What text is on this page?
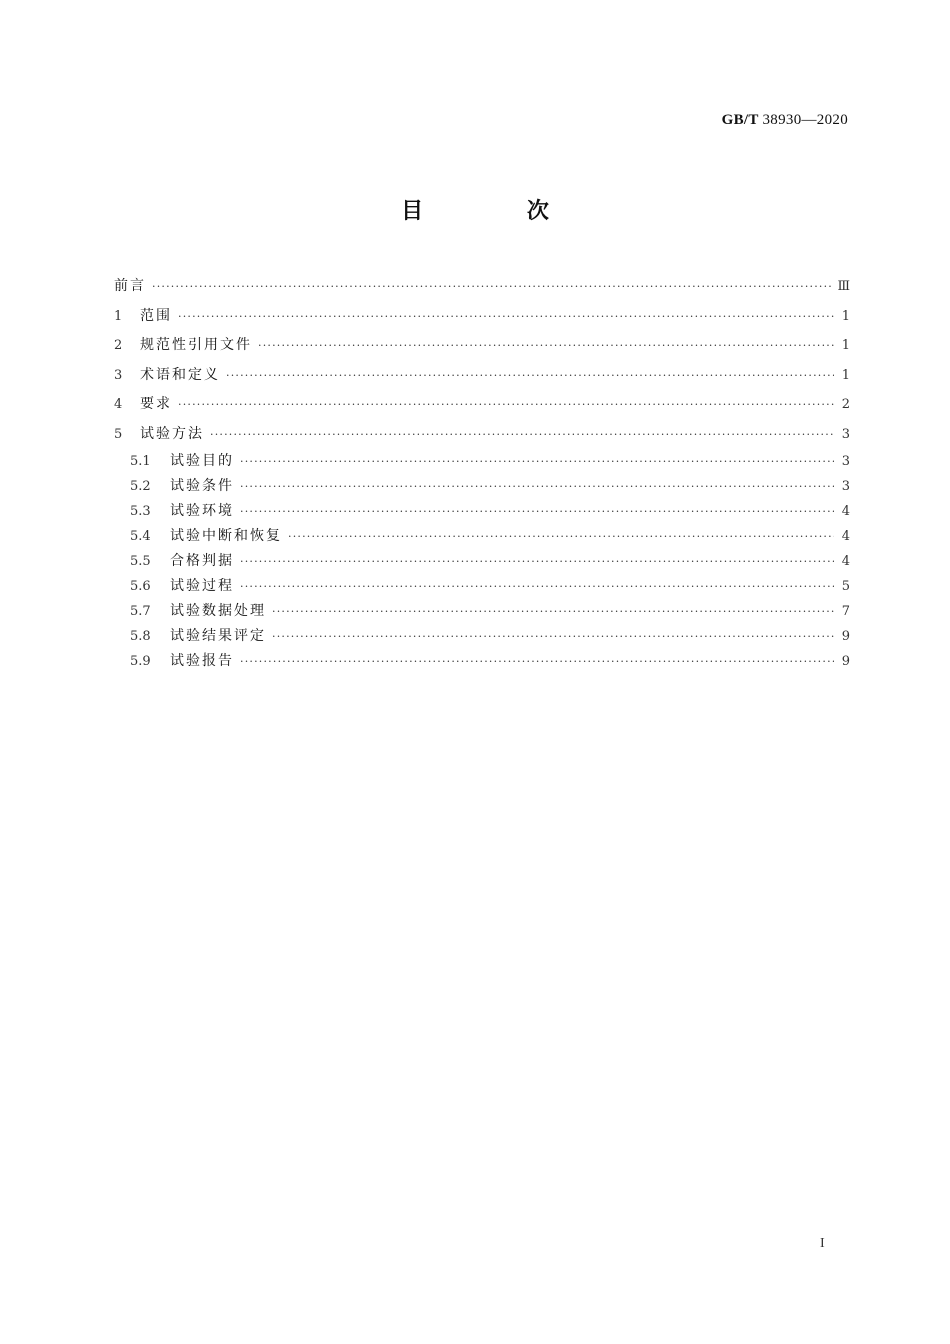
GB/T 38930—2020
目 次
前言 ·····	Ⅲ
1	范围 ·····	1
2	规范性引用文件 ·····	1
3	术语和定义 ·····	1
4	要求 ·····	2
5	试验方法 ·····	3
5.1	试验目的 ·····	3
5.2	试验条件 ·····	3
5.3	试验环境 ·····	4
5.4	试验中断和恢复 ·····	4
5.5	合格判据 ·····	4
5.6	试验过程 ·····	5
5.7	试验数据处理 ·····	7
5.8	试验结果评定 ·····	9
5.9	试验报告 ·····	9
I
